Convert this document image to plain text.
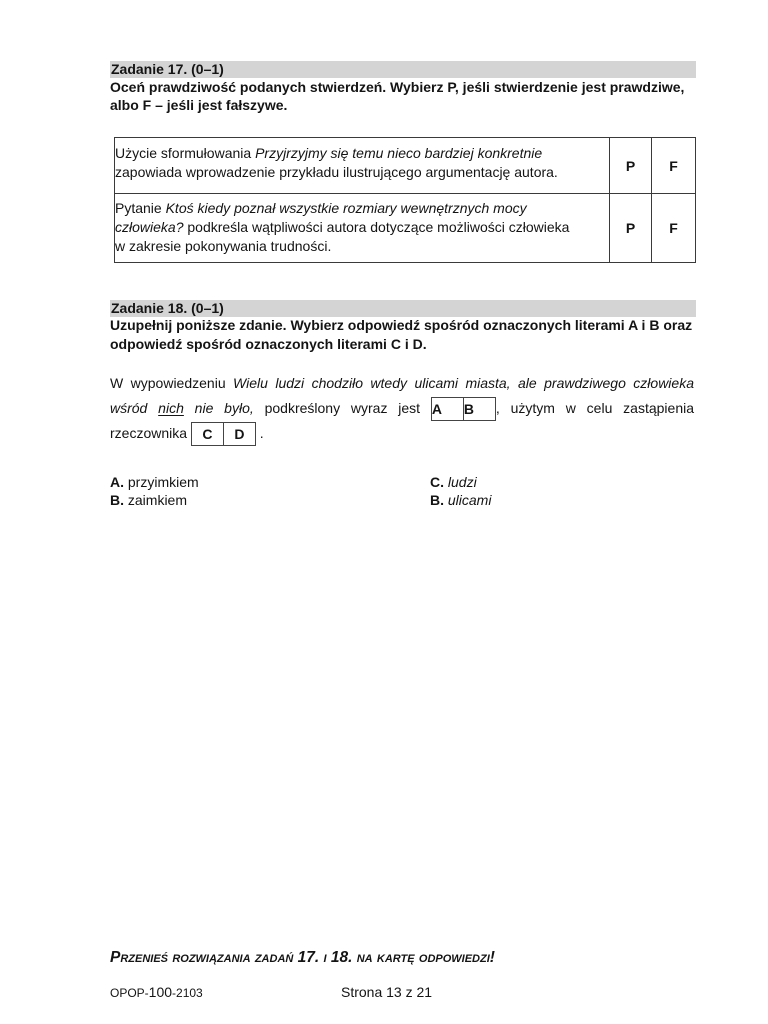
Zadanie 17. (0–1)
Oceń prawdziwość podanych stwierdzeń. Wybierz P, jeśli stwierdzenie jest prawdziwe,
albo F – jeśli jest fałszywe.
Użycie sformułowania Przyjrzyjmy się temu nieco bardziej konkretnie
zapowiada wprowadzenie przykładu ilustrującego argumentację autora.	P	F

Pytanie Ktoś kiedy poznał wszystkie rozmiary wewnętrznych mocy
człowieka? podkreśla wątpliwości autora dotyczące możliwości człowieka
w zakresie pokonywania trudności.	P	F
Zadanie 18. (0–1)
Uzupełnij poniższe zdanie. Wybierz odpowiedź spośród oznaczonych literami A i B oraz
odpowiedź spośród oznaczonych literami C i D.
W wypowiedzeniu Wielu ludzi chodziło wtedy ulicami miasta, ale prawdziwego człowieka
wśród nich nie było, podkreślony wyraz jest A	B	, użytym w celu zastąpienia
rzeczownika C	D .
A. przyimkiem
B. zaimkiem
C. ludzi
B. ulicami
Przenieś rozwiązania zadań 17. i 18. na kartę odpowiedzi!
OPOP-100-2103	Strona 13 z 21
